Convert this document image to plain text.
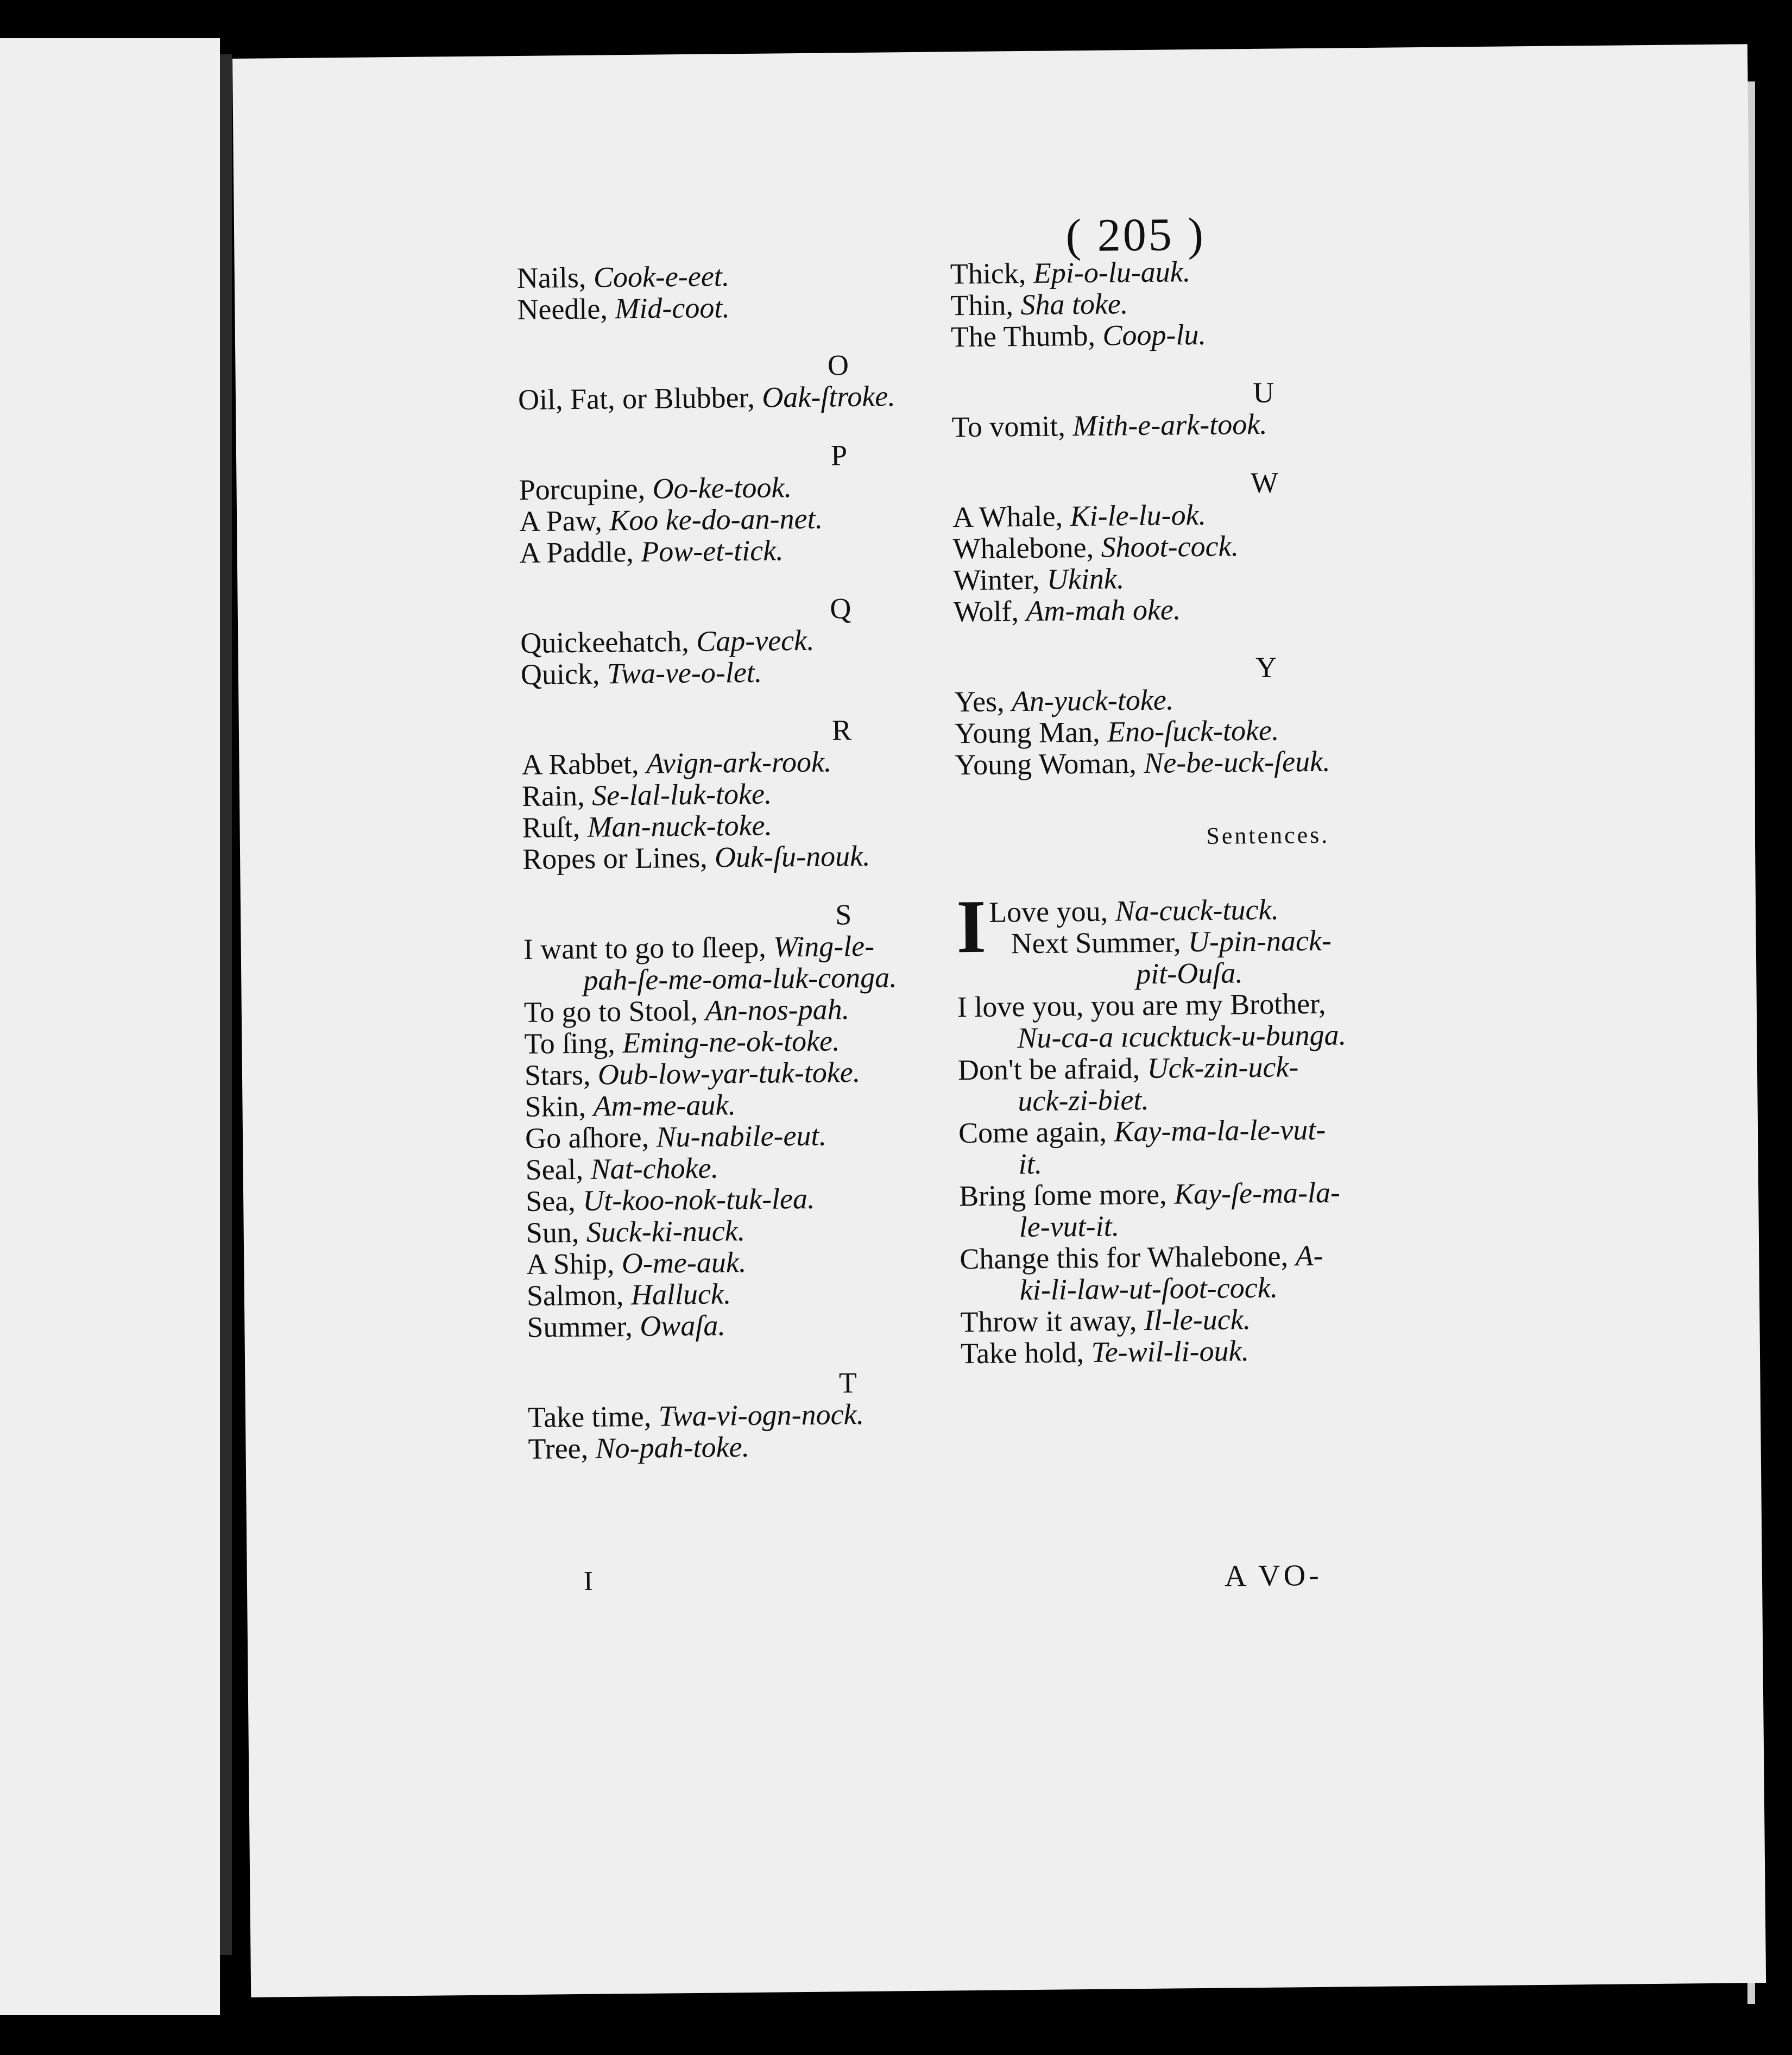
( 205 )
Nails, Cook-e-eet.
Needle, Mid-coot.
O
Oil, Fat, or Blubber, Oak-ſtroke.
P
Porcupine, Oo-ke-took.
A Paw, Koo ke-do-an-net.
A Paddle, Pow-et-tick.
Q
Quickeehatch, Cap-veck.
Quick, Twa-ve-o-let.
R
A Rabbet, Avign-ark-rook.
Rain, Se-lal-luk-toke.
Ruſt, Man-nuck-toke.
Ropes or Lines, Ouk-ſu-nouk.
S
I want to go to ſleep, Wing-le-
pah-ſe-me-oma-luk-conga.
To go to Stool, An-nos-pah.
To ſing, Eming-ne-ok-toke.
Stars, Oub-low-yar-tuk-toke.
Skin, Am-me-auk.
Go aſhore, Nu-nabile-eut.
Seal, Nat-choke.
Sea, Ut-koo-nok-tuk-lea.
Sun, Suck-ki-nuck.
A Ship, O-me-auk.
Salmon, Halluck.
Summer, Owaſa.
T
Take time, Twa-vi-ogn-nock.
Tree, No-pah-toke.
Thick, Epi-o-lu-auk.
Thin, Sha toke.
The Thumb, Coop-lu.
U
To vomit, Mith-e-ark-took.
W
A Whale, Ki-le-lu-ok.
Whalebone, Shoot-cock.
Winter, Ukink.
Wolf, Am-mah oke.
Y
Yes, An-yuck-toke.
Young Man, Eno-ſuck-toke.
Young Woman, Ne-be-uck-ſeuk.
Sentences.
I Love you, Na-cuck-tuck.
Next Summer, U-pin-nack-
pit-Ouſa.
I love you, you are my Brother,
Nu-ca-a ıcucktuck-u-bunga.
Don't be afraid, Uck-zin-uck-
uck-zi-biet.
Come again, Kay-ma-la-le-vut-
it.
Bring ſome more, Kay-ſe-ma-la-
le-vut-it.
Change this for Whalebone, A-
ki-li-law-ut-ſoot-cock.
Throw it away, Il-le-uck.
Take hold, Te-wil-li-ouk.
I	A VO-
